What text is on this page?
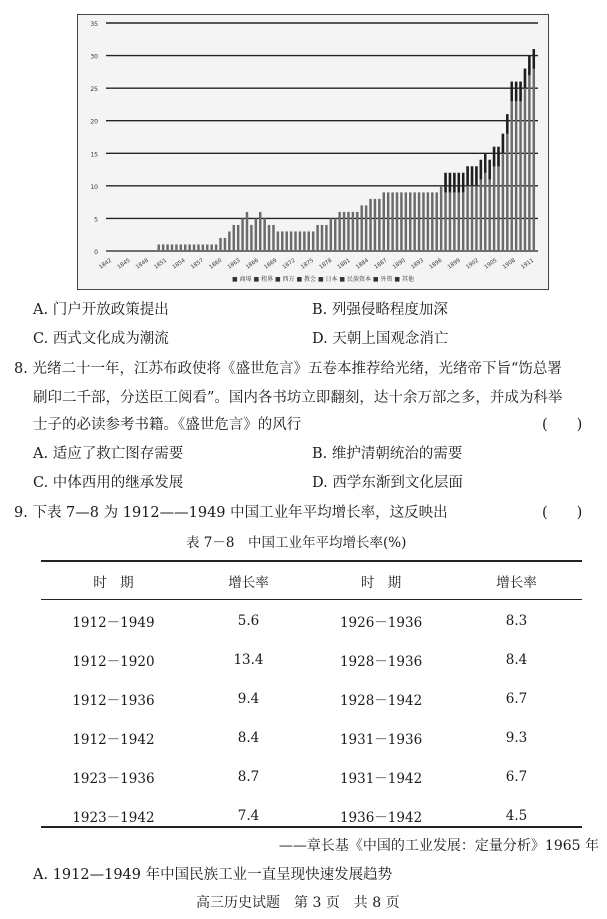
0
5
10
15
20
25
30
35
1842 1845 1848 1851 1854 1857 1860 1863 1866 1869 1872 1875 1878 1881 1884 1887 1890 1893 1896 1899 1902 1905 1908 1911
■ 商埠 ■ 租界 ■ 西方 ■ 教会 ■ 日本 ■ 民族资本 ■ 外资 ■ 其他
A. 门户开放政策提出	B. 列强侵略程度加深
C. 西式文化成为潮流	D. 天朝上国观念消亡
8. 光绪二十一年，江苏布政使将《盛世危言》五卷本推荐给光绪，光绪帝下旨“饬总署
刷印二千部，分送臣工阅看”。国内各书坊立即翻刻，达十余万部之多，并成为科举
士子的必读参考书籍。《盛世危言》的风行	(　　)
A. 适应了救亡图存需要	B. 维护清朝统治的需要
C. 中体西用的继承发展	D. 西学东渐到文化层面
9. 下表 7—8 为 1912——1949 中国工业年平均增长率，这反映出	(　　)
表 7－8　中国工业年平均增长率(%)
时　期	增长率	时　期	增长率
1912－1949	5.6	1926－1936	8.3
1912－1920	13.4	1928－1936	8.4
1912－1936	9.4	1928－1942	6.7
1912－1942	8.4	1931－1936	9.3
1923－1936	8.7	1931－1942	6.7
1923－1942	7.4	1936－1942	4.5
——章长基《中国的工业发展：定量分析》1965 年
A. 1912—1949 年中国民族工业一直呈现快速发展趋势
高三历史试题　第 3 页　共 8 页
